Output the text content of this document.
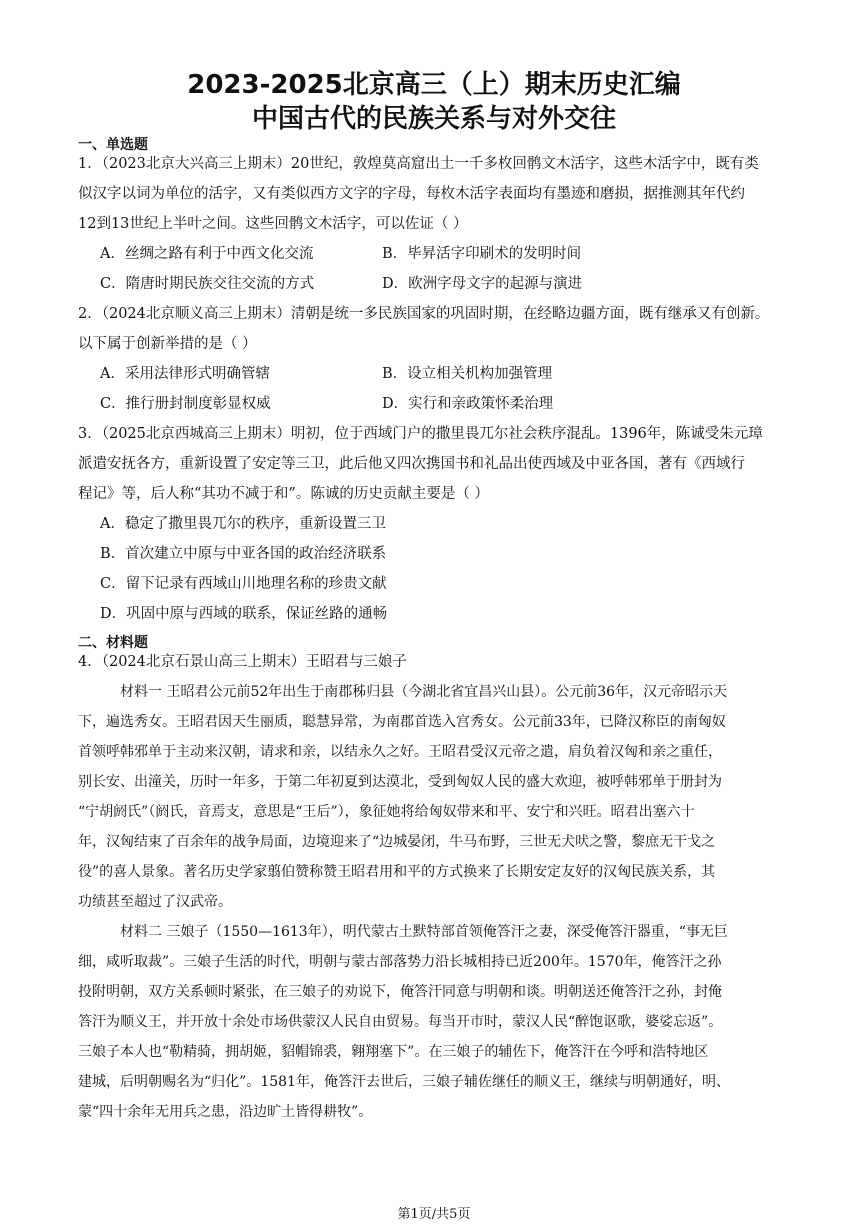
2023-2025北京高三（上）期末历史汇编
中国古代的民族关系与对外交往
一、单选题
1．（2023北京大兴高三上期末）20世纪，敦煌莫高窟出土一千多枚回鹘文木活字，这些木活字中，既有类
似汉字以词为单位的活字，又有类似西方文字的字母，每枚木活字表面均有墨迹和磨损，据推测其年代约
12到13世纪上半叶之间。这些回鹘文木活字，可以佐证（ ）
A．丝绸之路有利于中西文化交流	B．毕昇活字印刷术的发明时间
C．隋唐时期民族交往交流的方式	D．欧洲字母文字的起源与演进
2．（2024北京顺义高三上期末）清朝是统一多民族国家的巩固时期，在经略边疆方面，既有继承又有创新。
以下属于创新举措的是（ ）
A．采用法律形式明确管辖	B．设立相关机构加强管理
C．推行册封制度彰显权威	D．实行和亲政策怀柔治理
3．（2025北京西城高三上期末）明初，位于西域门户的撒里畏兀尔社会秩序混乱。1396年，陈诚受朱元璋
派遣安抚各方，重新设置了安定等三卫，此后他又四次携国书和礼品出使西域及中亚各国，著有《西域行
程记》等，后人称“其功不减于和”。陈诚的历史贡献主要是（ ）
A．稳定了撒里畏兀尔的秩序，重新设置三卫
B．首次建立中原与中亚各国的政治经济联系
C．留下记录有西域山川地理名称的珍贵文献
D．巩固中原与西域的联系，保证丝路的通畅
二、材料题
4．（2024北京石景山高三上期末）王昭君与三娘子
材料一 王昭君公元前52年出生于南郡秭归县（今湖北省宜昌兴山县）。公元前36年，汉元帝昭示天
下，遍选秀女。王昭君因天生丽质，聪慧异常，为南郡首选入宫秀女。公元前33年，已降汉称臣的南匈奴
首领呼韩邪单于主动来汉朝，请求和亲，以结永久之好。王昭君受汉元帝之遣，肩负着汉匈和亲之重任，
别长安、出潼关，历时一年多，于第二年初夏到达漠北，受到匈奴人民的盛大欢迎，被呼韩邪单于册封为
“宁胡阏氏”（阏氏，音焉支，意思是“王后”），象征她将给匈奴带来和平、安宁和兴旺。昭君出塞六十
年，汉匈结束了百余年的战争局面，边境迎来了“边城晏闭，牛马布野，三世无犬吠之警，黎庶无干戈之
役”的喜人景象。著名历史学家翦伯赞称赞王昭君用和平的方式换来了长期安定友好的汉匈民族关系，其
功绩甚至超过了汉武帝。
材料二 三娘子（1550—1613年），明代蒙古土默特部首领俺答汗之妻，深受俺答汗器重，“事无巨
细，咸听取裁”。三娘子生活的时代，明朝与蒙古部落势力沿长城相持已近200年。1570年，俺答汗之孙
投附明朝，双方关系顿时紧张，在三娘子的劝说下，俺答汗同意与明朝和谈。明朝送还俺答汗之孙，封俺
答汗为顺义王，并开放十余处市场供蒙汉人民自由贸易。每当开市时，蒙汉人民“醉饱讴歌，婆娑忘返”。
三娘子本人也“勒精骑，拥胡姬，貂帽锦裘，翱翔塞下”。在三娘子的辅佐下，俺答汗在今呼和浩特地区
建城，后明朝赐名为“归化”。1581年，俺答汗去世后，三娘子辅佐继任的顺义王，继续与明朝通好，明、
蒙“四十余年无用兵之患，沿边旷土皆得耕牧”。
第1页/共5页
